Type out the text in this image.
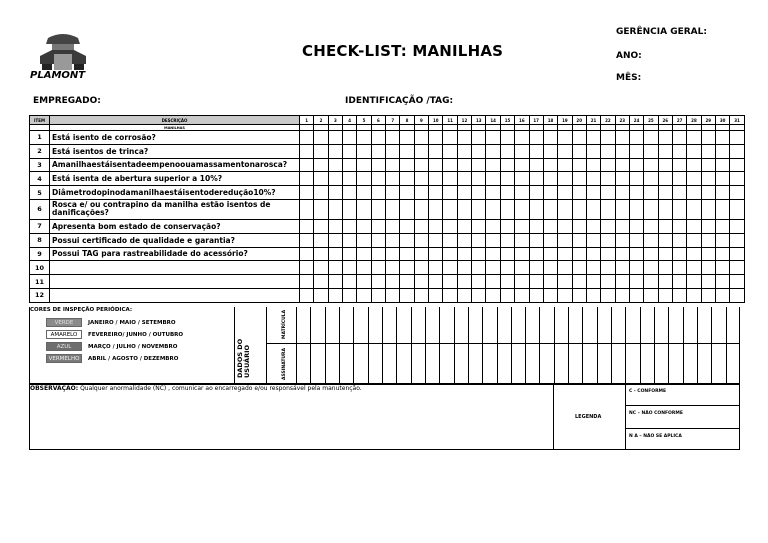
PLAMONT
CHECK-LIST: MANILHAS
GERÊNCIA GERAL:
ANO:
MÊS:
EMPREGADO:	IDENTIFICAÇÃO /TAG:
ITEM	DESCRIÇÃO	1	2	3	4	5	6	7	8	9	10	11	12	13	14	15	16	17	18	19	20	21	22	23	24	25	26	27	28	29	30	31
	MANILHAS																															
1	Está isento de corrosão?																															
2	Está isentos de trinca?																															
3	Amanilhaestáisentadeempenoouamassamentonarosca?																															
4	Está isenta de abertura superior a 10%?																															
5	Diâmetrodopinodamanilhaestáisentoderedução10%?																															
6	Rosca e/ ou contrapino da manilha estão isentos de danificações?																															
7	Apresenta bom estado de conservação?																															
8	Possui certificado de qualidade e garantia?																															
9	Possui TAG para rastreabilidade do acessório?																															
10																																
11																																
12																																
CORES DE INSPEÇÃO PERIÓDICA:
VERDE	JANEIRO / MAIO / SETEMBRO
AMARELO	FEVEREIRO/ JUNHO / OUTUBRO
AZUL	MARÇO / JULHO / NOVEMBRO
VERMELHO	ABRIL / AGOSTO / DEZEMBRO	DADOS DO USUÁRIO
MATRÍCULA
ASSINATURA
OBSERVAÇÃO: Qualquer anormalidade (NC) , comunicar ao encarregado e/ou responsável pela manutenção.
LEGENDA
C - CONFORME
NC – NÃO CONFORME
N A – NÃO SE APLICA
